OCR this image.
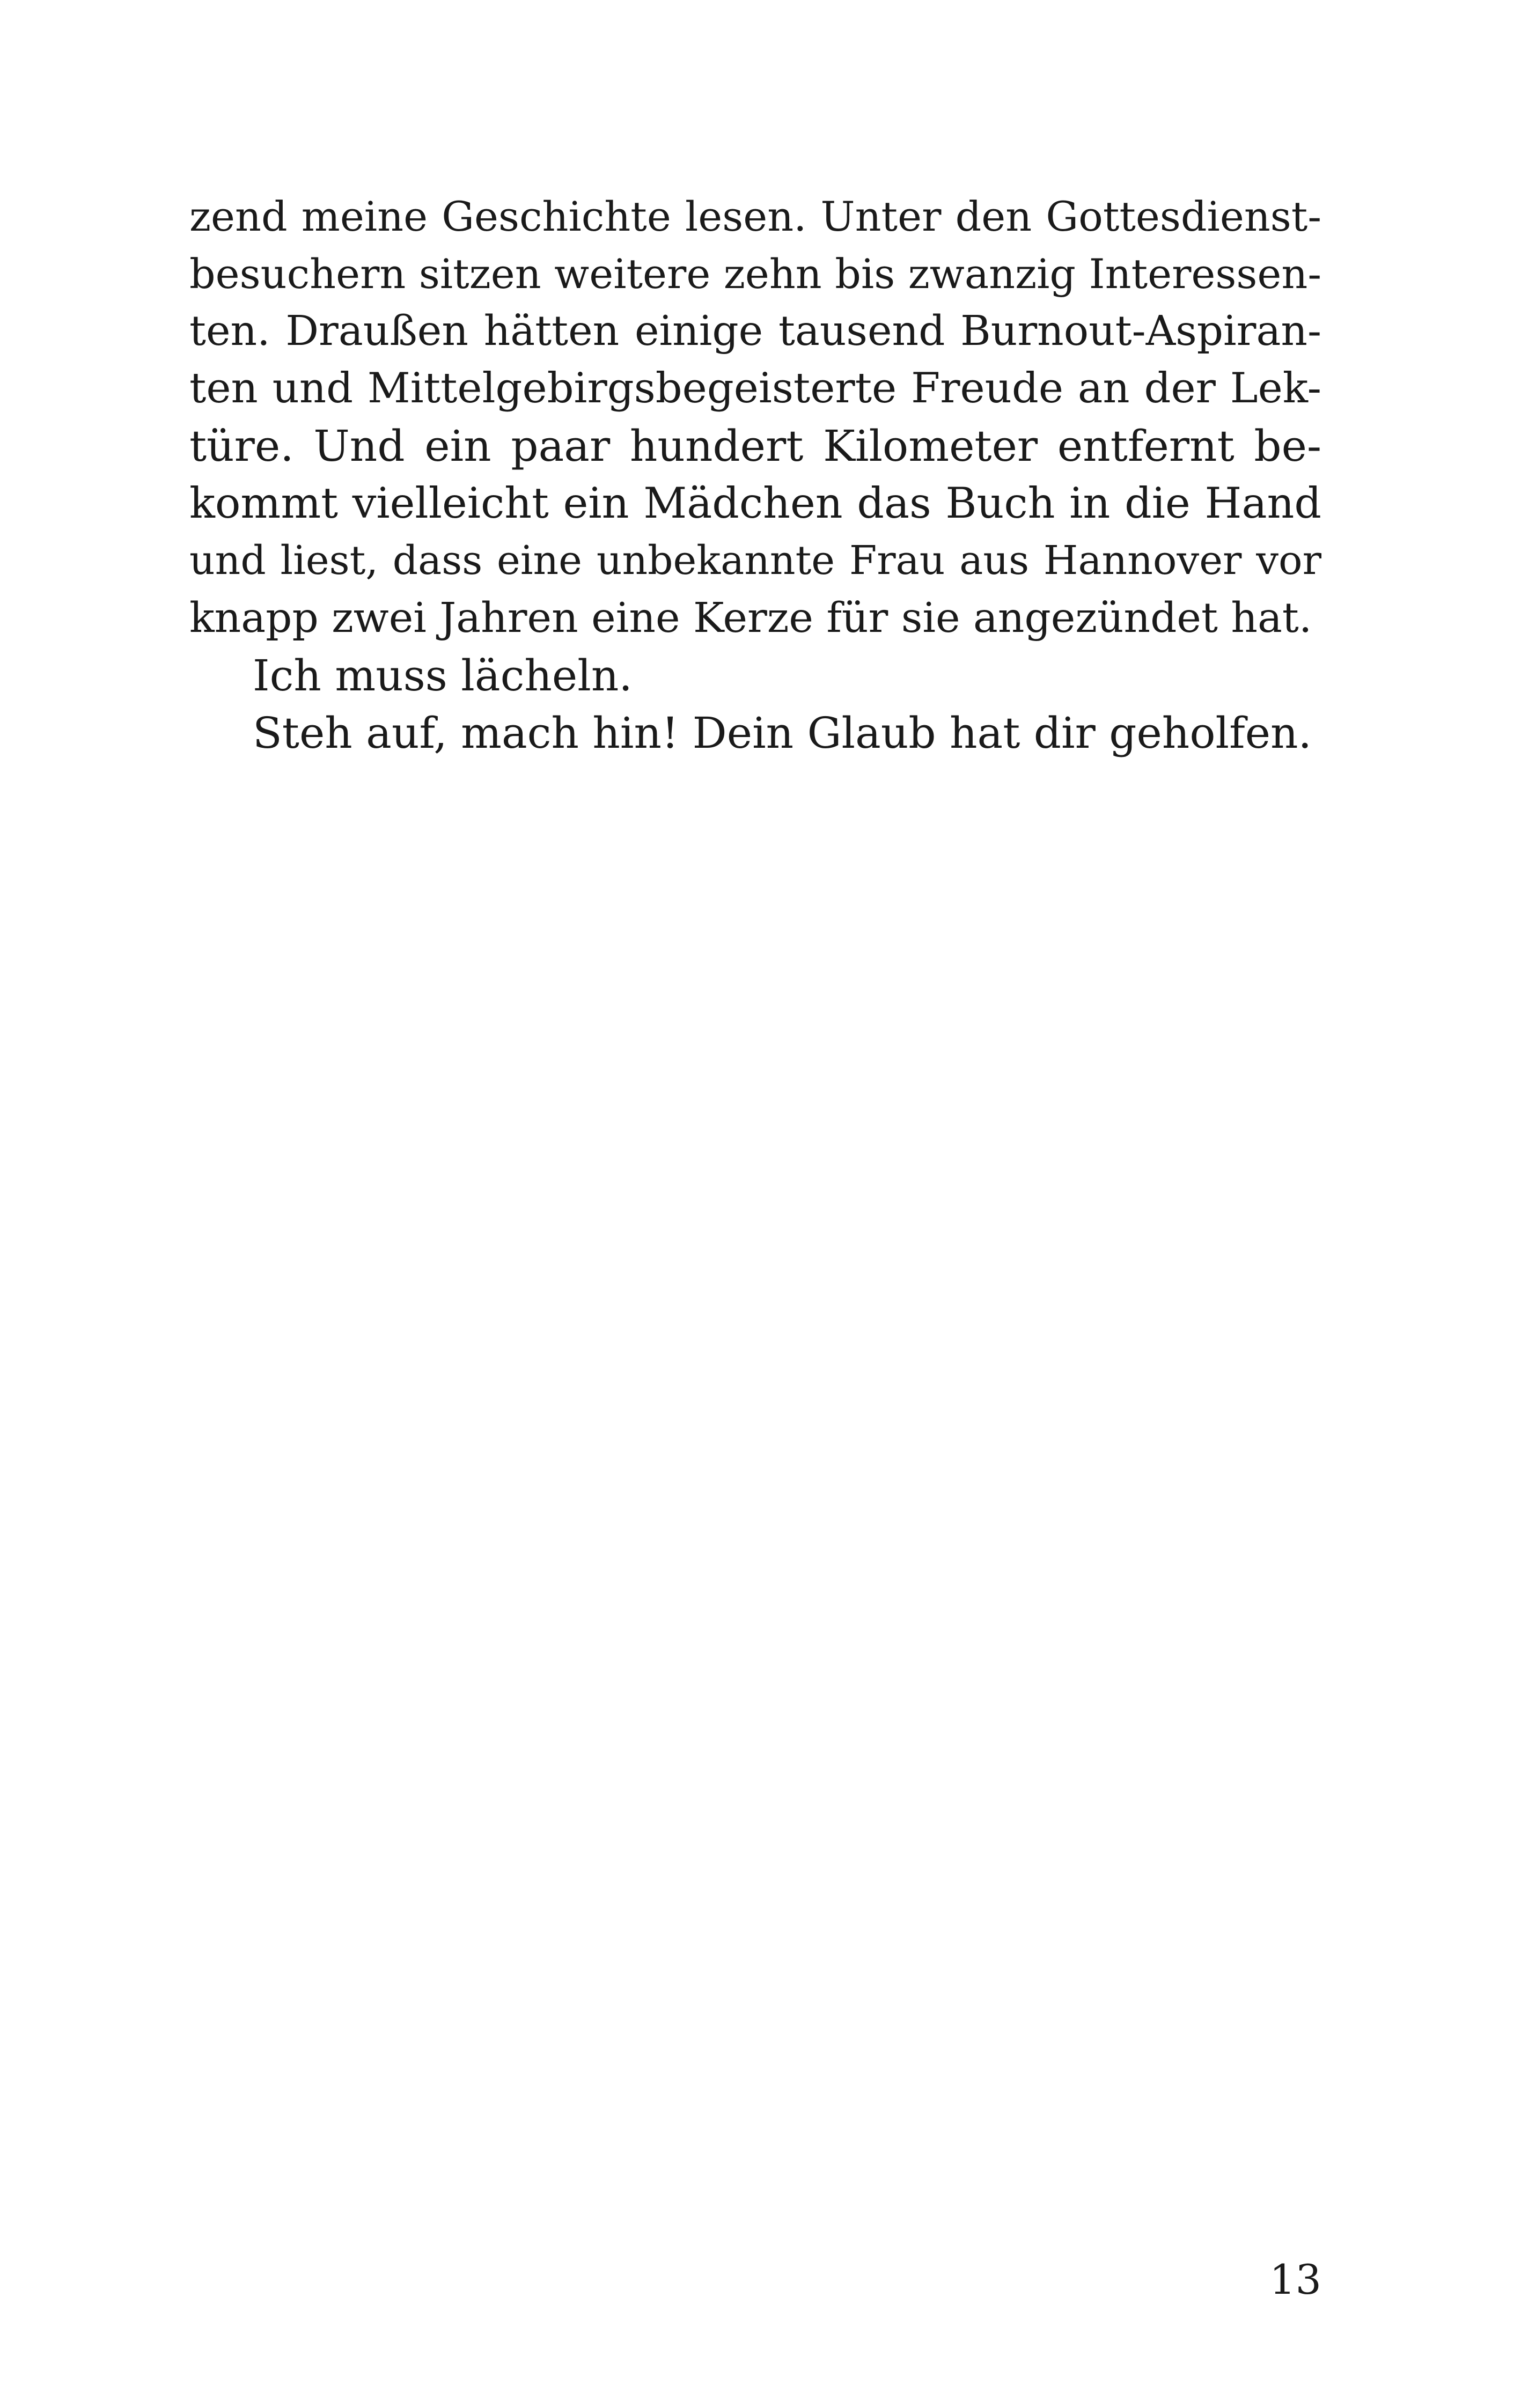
zend meine Geschichte lesen. Unter den Gottesdienst-
besuchern sitzen weitere zehn bis zwanzig Interessen-
ten. Draußen hätten einige tausend Burnout-Aspiran-
ten und Mittelgebirgsbegeisterte Freude an der Lek-
türe. Und ein paar hundert Kilometer entfernt be-
kommt vielleicht ein Mädchen das Buch in die Hand
und liest, dass eine unbekannte Frau aus Hannover vor
knapp zwei Jahren eine Kerze für sie angezündet hat.
Ich muss lächeln.
Steh auf, mach hin! Dein Glaub hat dir geholfen.
13
